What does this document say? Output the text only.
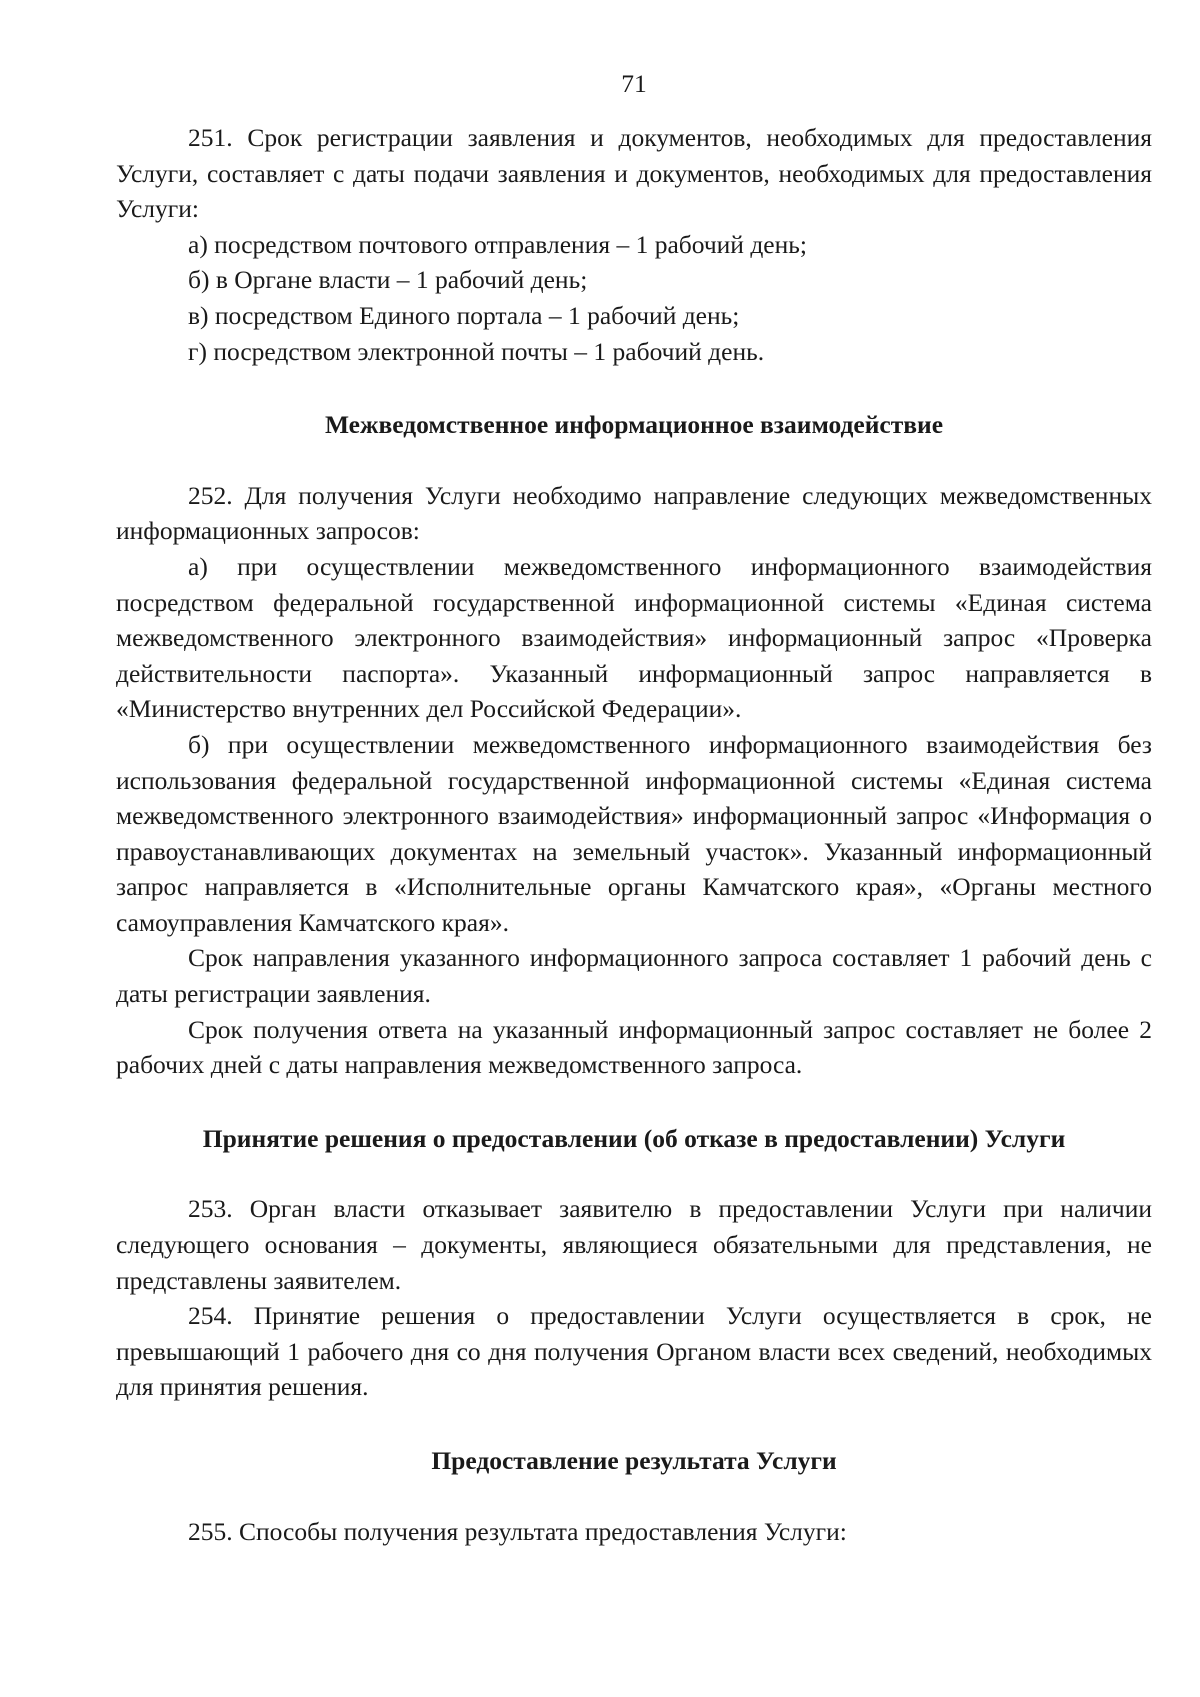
71

251. Срок регистрации заявления и документов, необходимых для предоставления Услуги, составляет с даты подачи заявления и документов, необходимых для предоставления Услуги:

а) посредством почтового отправления – 1 рабочий день;

б) в Органе власти – 1 рабочий день;

в) посредством Единого портала – 1 рабочий день;

г) посредством электронной почты – 1 рабочий день.

Межведомственное информационное взаимодействие

252. Для получения Услуги необходимо направление следующих межведомственных информационных запросов:

а) при осуществлении межведомственного информационного взаимодействия посредством федеральной государственной информационной системы «Единая система межведомственного электронного взаимодействия» информационный запрос «Проверка действительности паспорта». Указанный информационный запрос направляется в «Министерство внутренних дел Российской Федерации».

б) при осуществлении межведомственного информационного взаимодействия без использования федеральной государственной информационной системы «Единая система межведомственного электронного взаимодействия» информационный запрос «Информация о правоустанавливающих документах на земельный участок». Указанный информационный запрос направляется в «Исполнительные органы Камчатского края», «Органы местного самоуправления Камчатского края».

Срок направления указанного информационного запроса составляет 1 рабочий день с даты регистрации заявления.

Срок получения ответа на указанный информационный запрос составляет не более 2 рабочих дней с даты направления межведомственного запроса.

Принятие решения о предоставлении (об отказе в предоставлении) Услуги

253. Орган власти отказывает заявителю в предоставлении Услуги при наличии следующего основания – документы, являющиеся обязательными для представления, не представлены заявителем.

254. Принятие решения о предоставлении Услуги осуществляется в срок, не превышающий 1 рабочего дня со дня получения Органом власти всех сведений, необходимых для принятия решения.

Предоставление результата Услуги

255. Способы получения результата предоставления Услуги:
